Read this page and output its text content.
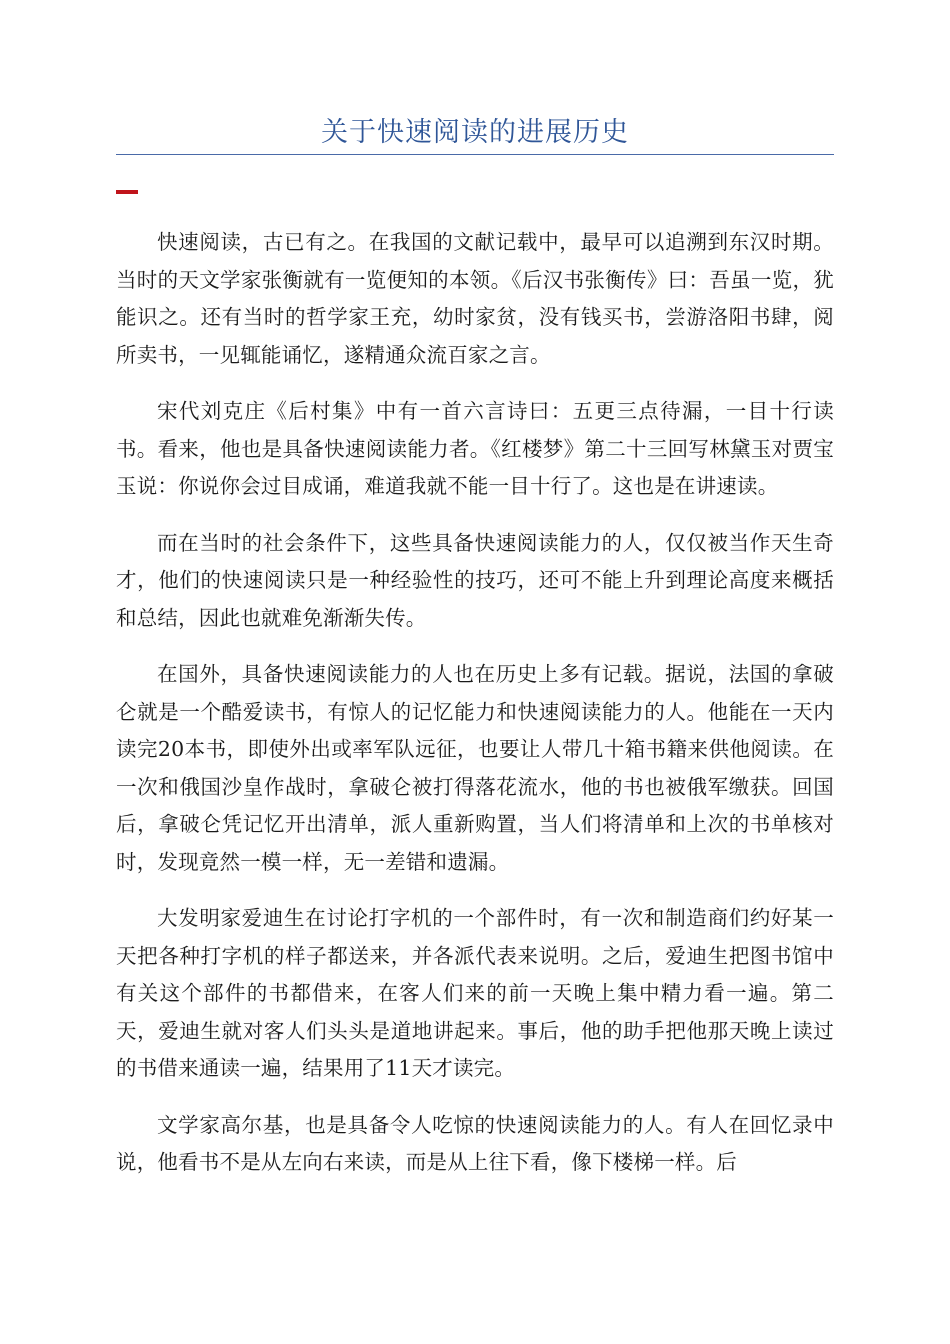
关于快速阅读的进展历史

快速阅读，古已有之。在我国的文献记载中，最早可以追溯到东汉时期。当时的天文学家张衡就有一览便知的本领。《后汉书张衡传》曰：吾虽一览，犹能识之。还有当时的哲学家王充，幼时家贫，没有钱买书，尝游洛阳书肆，阅所卖书，一见辄能诵忆，遂精通众流百家之言。

宋代刘克庄《后村集》中有一首六言诗曰：五更三点待漏，一目十行读书。看来，他也是具备快速阅读能力者。《红楼梦》第二十三回写林黛玉对贾宝玉说：你说你会过目成诵，难道我就不能一目十行了。这也是在讲速读。

而在当时的社会条件下，这些具备快速阅读能力的人，仅仅被当作天生奇才，他们的快速阅读只是一种经验性的技巧，还可不能上升到理论高度来概括和总结，因此也就难免渐渐失传。

在国外，具备快速阅读能力的人也在历史上多有记载。据说，法国的拿破仑就是一个酷爱读书，有惊人的记忆能力和快速阅读能力的人。他能在一天内读完20本书，即使外出或率军队远征，也要让人带几十箱书籍来供他阅读。在一次和俄国沙皇作战时，拿破仑被打得落花流水，他的书也被俄军缴获。回国后，拿破仑凭记忆开出清单，派人重新购置，当人们将清单和上次的书单核对时，发现竟然一模一样，无一差错和遗漏。

大发明家爱迪生在讨论打字机的一个部件时，有一次和制造商们约好某一天把各种打字机的样子都送来，并各派代表来说明。之后，爱迪生把图书馆中有关这个部件的书都借来，在客人们来的前一天晚上集中精力看一遍。第二天，爱迪生就对客人们头头是道地讲起来。事后，他的助手把他那天晚上读过的书借来通读一遍，结果用了11天才读完。

文学家高尔基，也是具备令人吃惊的快速阅读能力的人。有人在回忆录中说，他看书不是从左向右来读，而是从上往下看，像下楼梯一样。后
